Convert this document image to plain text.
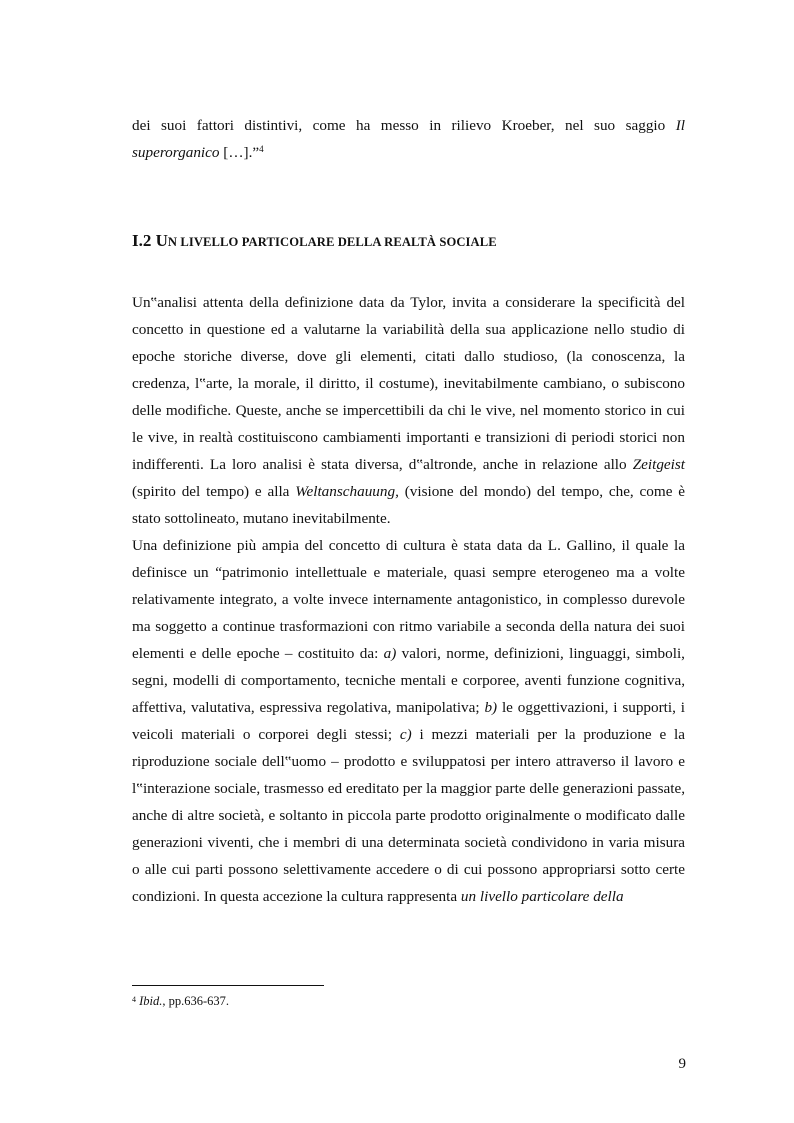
dei suoi fattori distintivi, come ha messo in rilievo Kroeber, nel suo saggio Il superorganico […].”$^4$

I.2 UN LIVELLO PARTICOLARE DELLA REALTÀ SOCIALE

Un‟analisi attenta della definizione data da Tylor, invita a considerare la specificità del concetto in questione ed a valutarne la variabilità della sua applicazione nello studio di epoche storiche diverse, dove gli elementi, citati dallo studioso, (la conoscenza, la credenza, l‟arte, la morale, il diritto, il costume), inevitabilmente cambiano, o subiscono delle modifiche. Queste, anche se impercettibili da chi le vive, nel momento storico in cui le vive, in realtà costituiscono cambiamenti importanti e transizioni di periodi storici non indifferenti. La loro analisi è stata diversa, d‟altronde, anche in relazione allo Zeitgeist (spirito del tempo) e alla Weltanschauung, (visione del mondo) del tempo, che, come è stato sottolineato, mutano inevitabilmente.

Una definizione più ampia del concetto di cultura è stata data da L. Gallino, il quale la definisce un “patrimonio intellettuale e materiale, quasi sempre eterogeneo ma a volte relativamente integrato, a volte invece internamente antagonistico, in complesso durevole ma soggetto a continue trasformazioni con ritmo variabile a seconda della natura dei suoi elementi e delle epoche – costituito da: a) valori, norme, definizioni, linguaggi, simboli, segni, modelli di comportamento, tecniche mentali e corporee, aventi funzione cognitiva, affettiva, valutativa, espressiva regolativa, manipolativa; b) le oggettivazioni, i supporti, i veicoli materiali o corporei degli stessi; c) i mezzi materiali per la produzione e la riproduzione sociale dell‟uomo – prodotto e sviluppatosi per intero attraverso il lavoro e l‟interazione sociale, trasmesso ed ereditato per la maggior parte delle generazioni passate, anche di altre società, e soltanto in piccola parte prodotto originalmente o modificato dalle generazioni viventi, che i membri di una determinata società condividono in varia misura o alle cui parti possono selettivamente accedere o di cui possono appropriarsi sotto certe condizioni. In questa accezione la cultura rappresenta un livello particolare della

$^4$ Ibid., pp.636-637.
9
